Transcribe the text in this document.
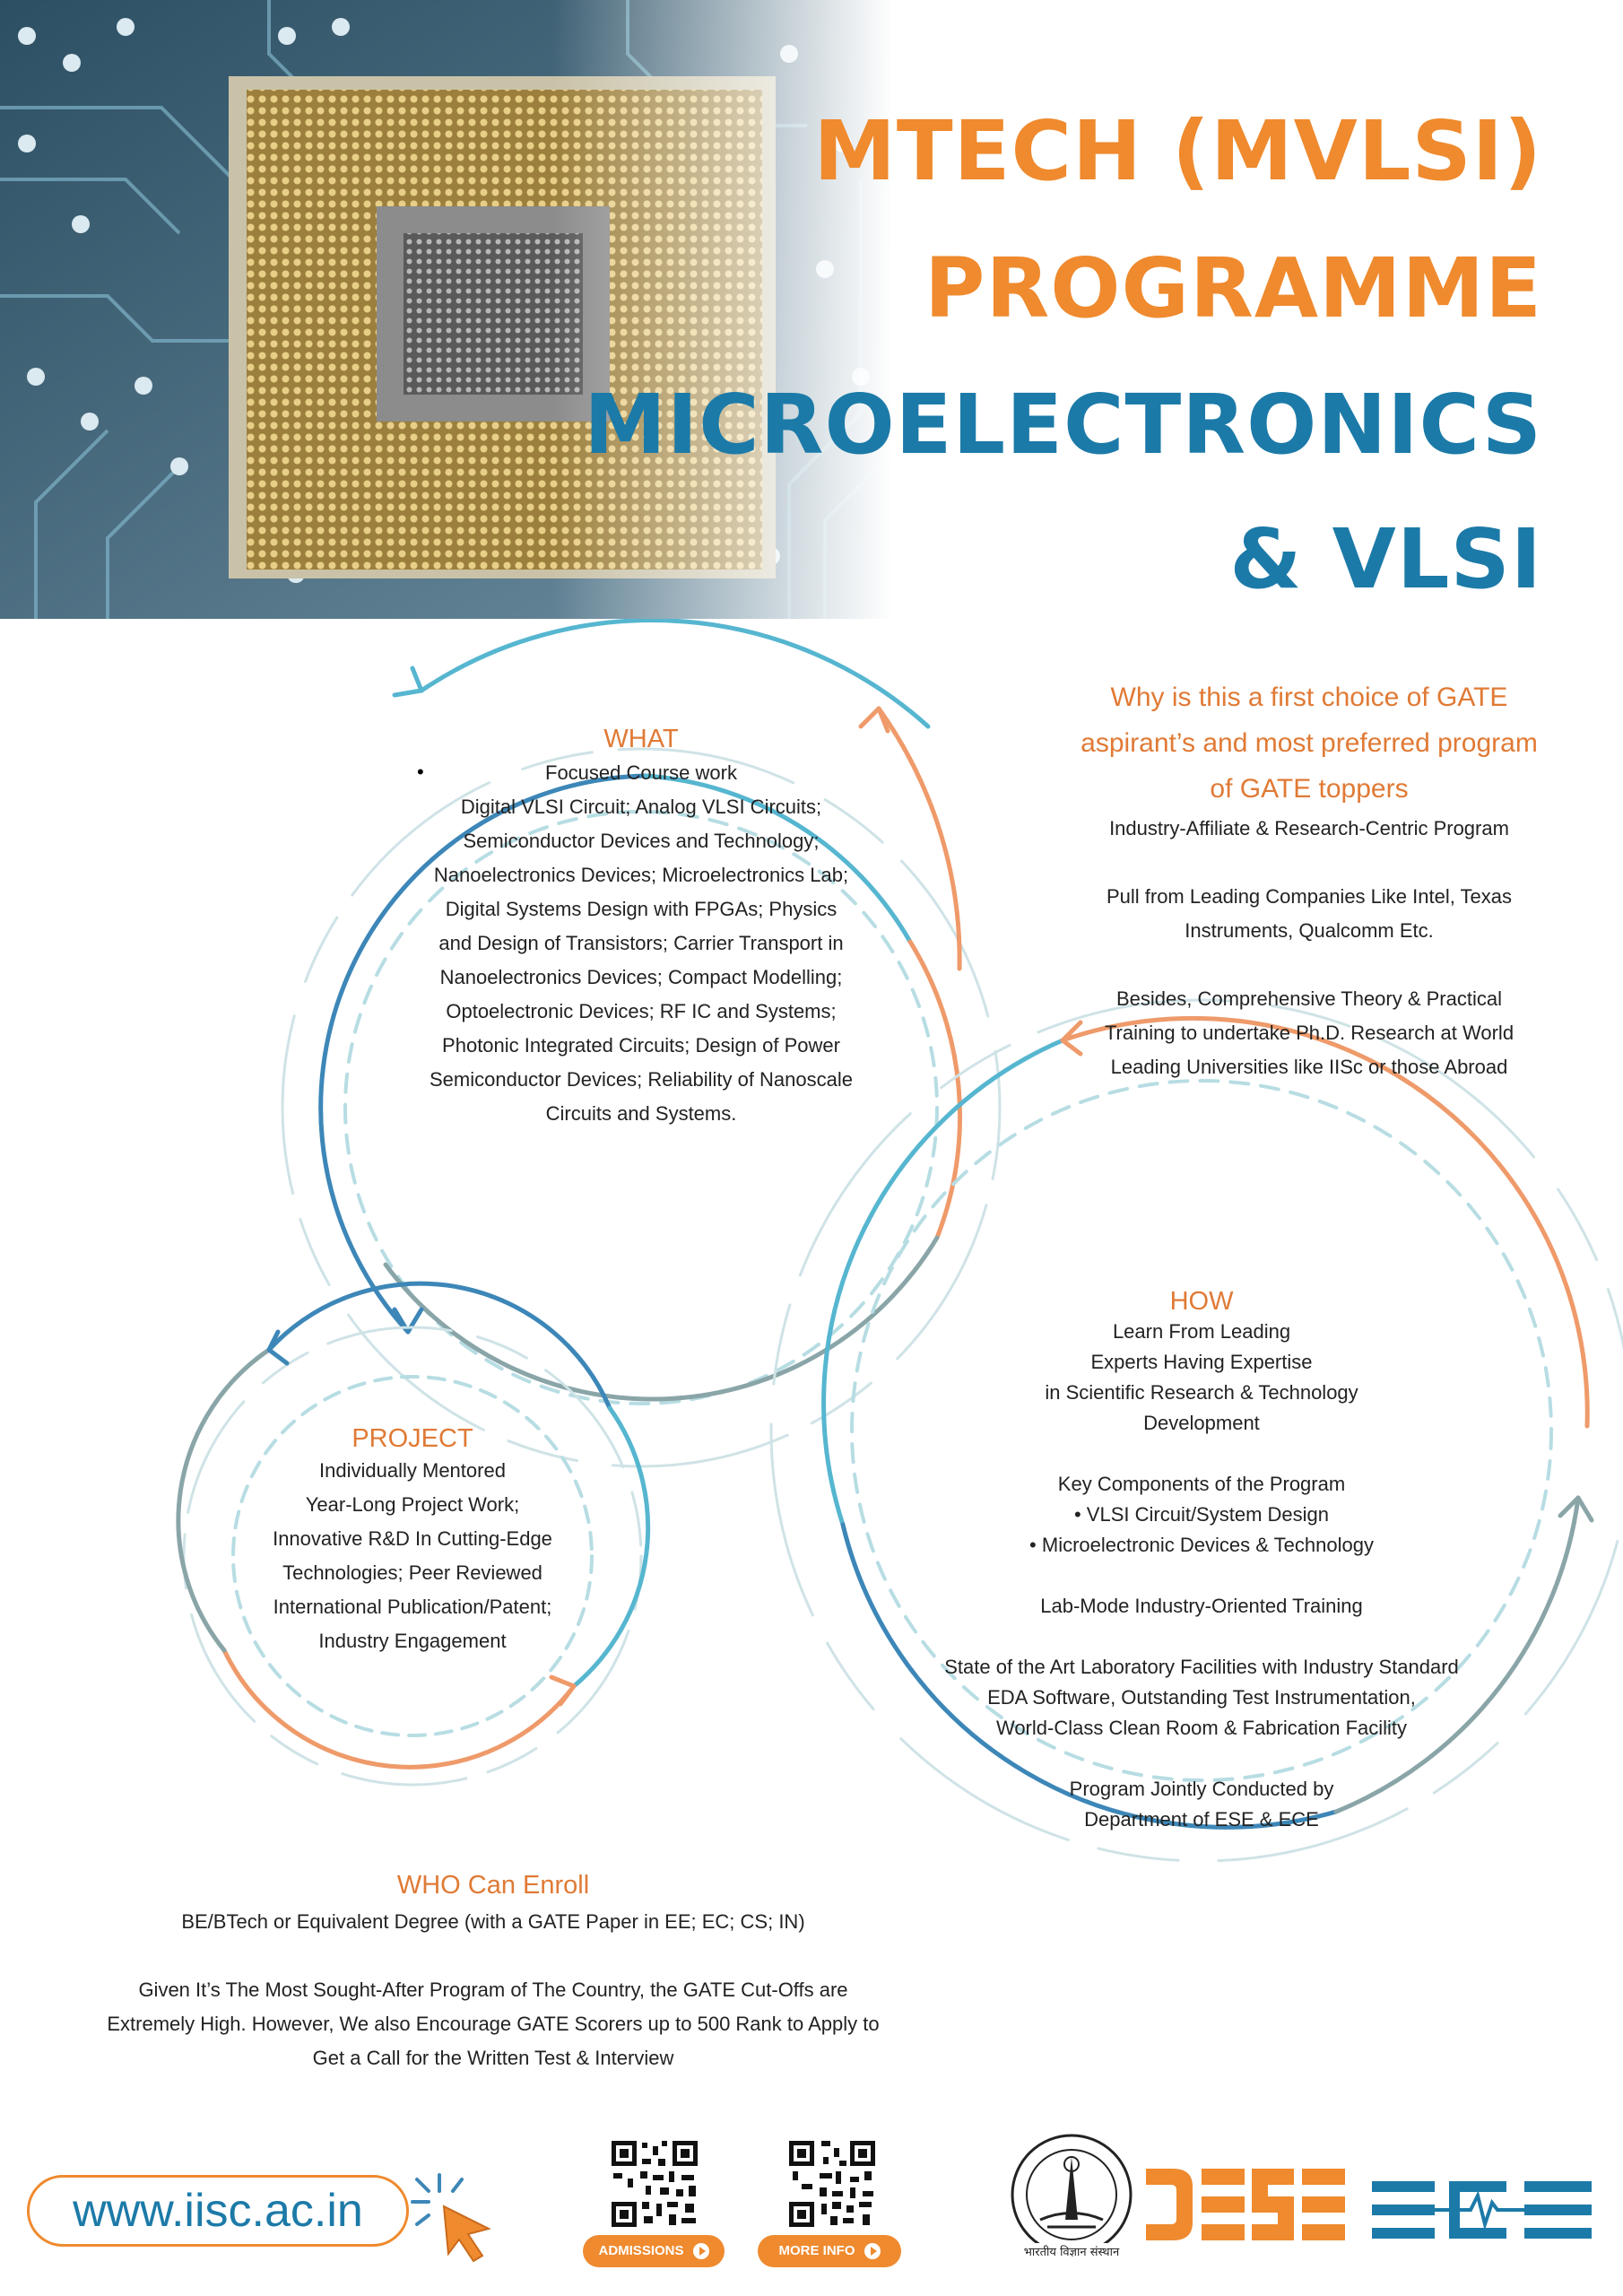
MTECH (MVLSI)
PROGRAMME
MICROELECTRONICS
& VLSI
Why is this a first choice of GATE
aspirant’s and most preferred program
of GATE toppers

Industry-Affiliate & Research-Centric Program

Pull from Leading Companies Like Intel, Texas

Instruments, Qualcomm Etc.

Besides, Comprehensive Theory & Practical

Training to undertake Ph.D. Research at World

Leading Universities like IISc or those Abroad

WHAT
•	Focused Course work

Digital VLSI Circuit; Analog VLSI Circuits;

Semiconductor Devices and Technology;

Nanoelectronics Devices; Microelectronics Lab;

Digital Systems Design with FPGAs; Physics

and Design of Transistors; Carrier Transport in

Nanoelectronics Devices; Compact Modelling;

Optoelectronic Devices; RF IC and Systems;

Photonic Integrated Circuits; Design of Power

Semiconductor Devices; Reliability of Nanoscale

Circuits and Systems.

PROJECT

Individually Mentored

Year-Long Project Work;

Innovative R&D In Cutting-Edge

Technologies; Peer Reviewed

International Publication/Patent;

Industry Engagement

HOW

Learn From Leading

Experts Having Expertise

in Scientific Research & Technology

Development

Key Components of the Program

• VLSI Circuit/System Design

• Microelectronic Devices & Technology

Lab-Mode Industry-Oriented Training

State of the Art Laboratory Facilities with Industry Standard

EDA Software, Outstanding Test Instrumentation,

World-Class Clean Room & Fabrication Facility

Program Jointly Conducted by

Department of ESE & ECE

WHO Can Enroll

BE/BTech or Equivalent Degree (with a GATE Paper in EE; EC; CS; IN)

Given It’s The Most Sought-After Program of The Country, the GATE Cut-Offs are

Extremely High. However, We also Encourage GATE Scorers up to 500 Rank to Apply to

Get a Call for the Written Test & Interview

www.iisc.ac.in
ADMISSIONS	MORE INFO	भारतीय विज्ञान संस्थान
